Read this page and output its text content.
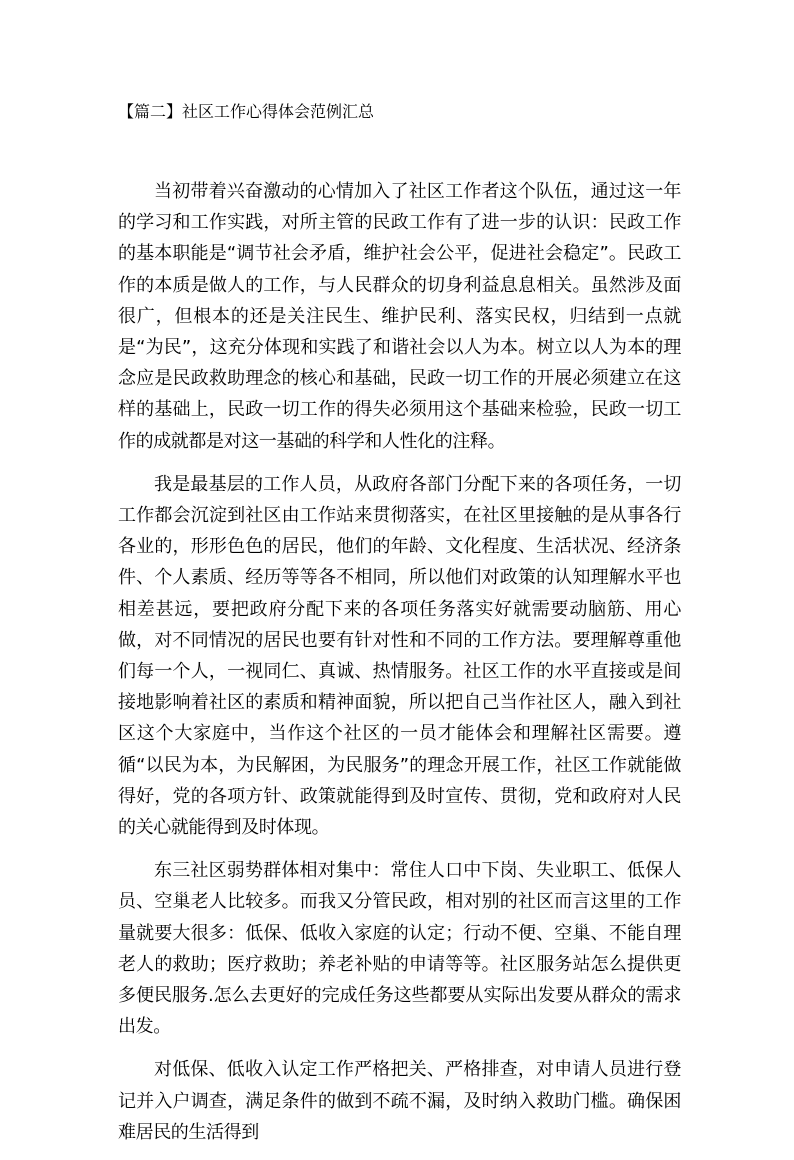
【篇二】社区工作心得体会范例汇总

当初带着兴奋激动的心情加入了社区工作者这个队伍，通过这一年的学习和工作实践，对所主管的民政工作有了进一步的认识：民政工作的基本职能是“调节社会矛盾，维护社会公平，促进社会稳定”。民政工作的本质是做人的工作，与人民群众的切身利益息息相关。虽然涉及面很广，但根本的还是关注民生、维护民利、落实民权，归结到一点就是“为民”，这充分体现和实践了和谐社会以人为本。树立以人为本的理念应是民政救助理念的核心和基础，民政一切工作的开展必须建立在这样的基础上，民政一切工作的得失必须用这个基础来检验，民政一切工作的成就都是对这一基础的科学和人性化的注释。

我是最基层的工作人员，从政府各部门分配下来的各项任务，一切工作都会沉淀到社区由工作站来贯彻落实，在社区里接触的是从事各行各业的，形形色色的居民，他们的年龄、文化程度、生活状况、经济条件、个人素质、经历等等各不相同，所以他们对政策的认知理解水平也相差甚远，要把政府分配下来的各项任务落实好就需要动脑筋、用心做，对不同情况的居民也要有针对性和不同的工作方法。要理解尊重他们每一个人，一视同仁、真诚、热情服务。社区工作的水平直接或是间接地影响着社区的素质和精神面貌，所以把自己当作社区人，融入到社区这个大家庭中，当作这个社区的一员才能体会和理解社区需要。遵循“以民为本，为民解困，为民服务”的理念开展工作，社区工作就能做得好，党的各项方针、政策就能得到及时宣传、贯彻，党和政府对人民的关心就能得到及时体现。

东三社区弱势群体相对集中：常住人口中下岗、失业职工、低保人员、空巢老人比较多。而我又分管民政，相对别的社区而言这里的工作量就要大很多：低保、低收入家庭的认定；行动不便、空巢、不能自理老人的救助；医疗救助；养老补贴的申请等等。社区服务站怎么提供更多便民服务.怎么去更好的完成任务这些都要从实际出发要从群众的需求出发。

对低保、低收入认定工作严格把关、严格排查，对申请人员进行登记并入户调查，满足条件的做到不疏不漏，及时纳入救助门槛。确保困难居民的生活得到
